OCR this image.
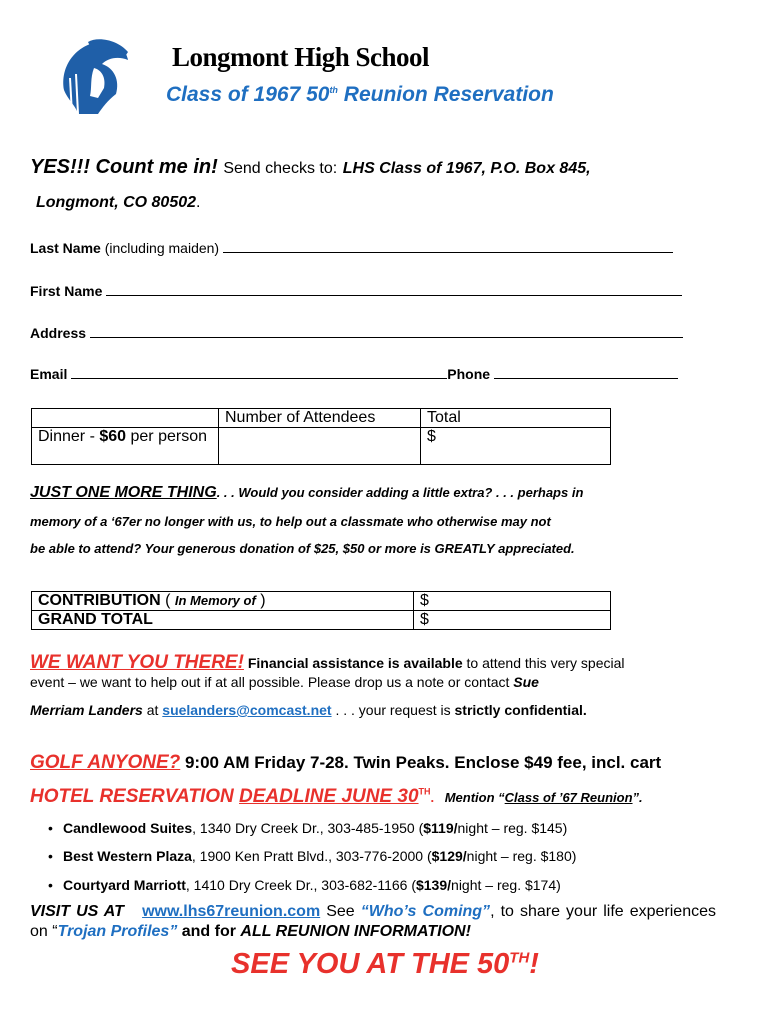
Longmont High School
Class of 1967 50th Reunion Reservation
YES!!! Count me in! Send checks to: LHS Class of 1967, P.O. Box 845,
Longmont, CO 80502.
Last Name (including maiden)
First Name
Address
Email	Phone
	Number of Attendees	Total
Dinner - $60 per person		$
JUST ONE MORE THING. . . Would you consider adding a little extra? . . . perhaps in
memory of a ‘67er no longer with us, to help out a classmate who otherwise may not
be able to attend? Your generous donation of $25, $50 or more is GREATLY appreciated.
CONTRIBUTION ( In Memory of )	$
GRAND TOTAL	$
WE WANT YOU THERE! Financial assistance is available to attend this very special
event – we want to help out if at all possible. Please drop us a note or contact Sue
Merriam Landers at suelanders@comcast.net . . . your request is strictly confidential.
GOLF ANYONE? 9:00 AM Friday 7-28. Twin Peaks. Enclose $49 fee, incl. cart
HOTEL RESERVATION DEADLINE JUNE 30TH. Mention “Class of ’67 Reunion”.
• Candlewood Suites, 1340 Dry Creek Dr., 303-485-1950 ($119/night – reg. $145)
• Best Western Plaza, 1900 Ken Pratt Blvd., 303-776-2000 ($129/night – reg. $180)
• Courtyard Marriott, 1410 Dry Creek Dr., 303-682-1166 ($139/night – reg. $174)
VISIT US AT www.lhs67reunion.com See “Who’s Coming”, to share your life experiences on “Trojan Profiles” and for ALL REUNION INFORMATION!
SEE YOU AT THE 50TH!
